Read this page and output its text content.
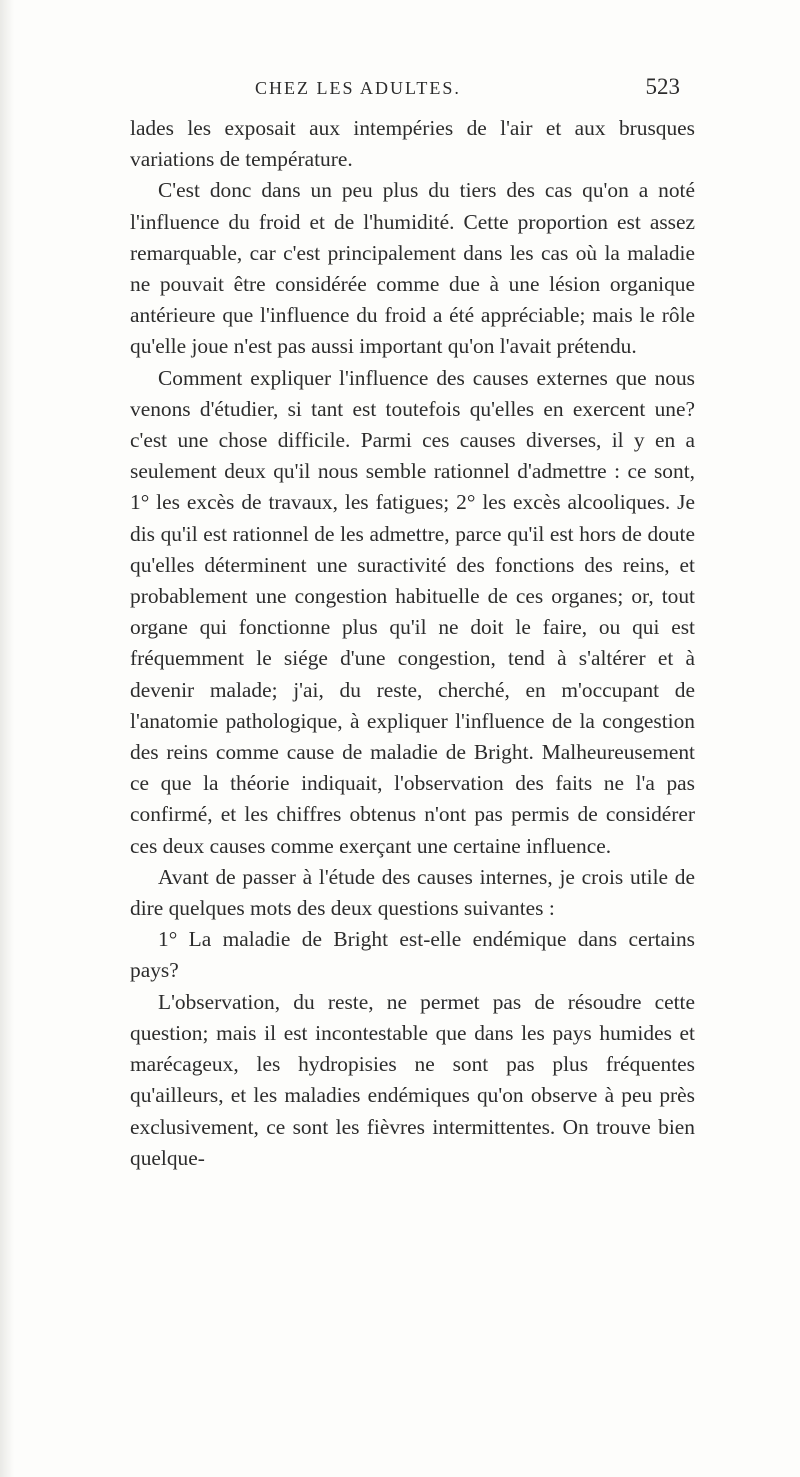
CHEZ LES ADULTES.	523

lades les exposait aux intempéries de l'air et aux brusques variations de température.

C'est donc dans un peu plus du tiers des cas qu'on a noté l'influence du froid et de l'humidité. Cette proportion est assez remarquable, car c'est principalement dans les cas où la maladie ne pouvait être considérée comme due à une lésion organique antérieure que l'influence du froid a été appréciable; mais le rôle qu'elle joue n'est pas aussi important qu'on l'avait prétendu.

Comment expliquer l'influence des causes externes que nous venons d'étudier, si tant est toutefois qu'elles en exercent une? c'est une chose difficile. Parmi ces causes diverses, il y en a seulement deux qu'il nous semble rationnel d'admettre : ce sont, 1° les excès de travaux, les fatigues; 2° les excès alcooliques. Je dis qu'il est rationnel de les admettre, parce qu'il est hors de doute qu'elles déterminent une suractivité des fonctions des reins, et probablement une congestion habituelle de ces organes; or, tout organe qui fonctionne plus qu'il ne doit le faire, ou qui est fréquemment le siége d'une congestion, tend à s'altérer et à devenir malade; j'ai, du reste, cherché, en m'occupant de l'anatomie pathologique, à expliquer l'influence de la congestion des reins comme cause de maladie de Bright. Malheureusement ce que la théorie indiquait, l'observation des faits ne l'a pas confirmé, et les chiffres obtenus n'ont pas permis de considérer ces deux causes comme exerçant une certaine influence.

Avant de passer à l'étude des causes internes, je crois utile de dire quelques mots des deux questions suivantes :

1° La maladie de Bright est-elle endémique dans certains pays?

L'observation, du reste, ne permet pas de résoudre cette question; mais il est incontestable que dans les pays humides et marécageux, les hydropisies ne sont pas plus fréquentes qu'ailleurs, et les maladies endémiques qu'on observe à peu près exclusivement, ce sont les fièvres intermittentes. On trouve bien quelque-
